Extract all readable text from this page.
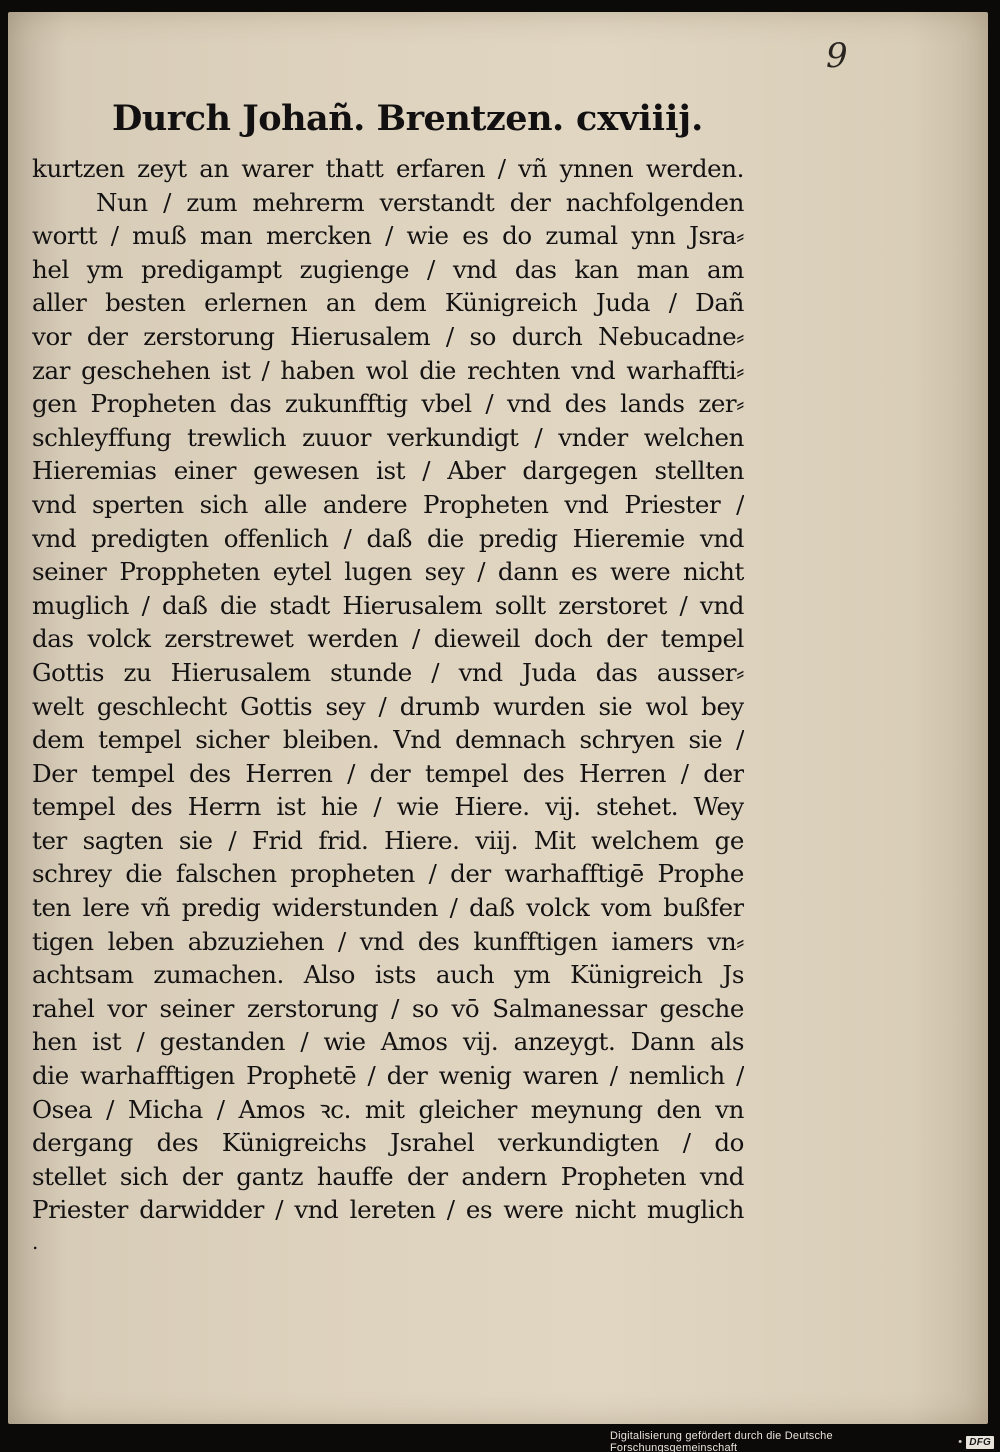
9
Durch Johañ. Brentzen. cxviiij.
kurtzen zeyt an warer thatt erfaren / vñ ynnen werden.
Nun / zum mehrerm verstandt der nachfolgenden
wortt / muß man mercken / wie es do zumal ynn Jsra⸗
hel ym predigampt zugienge / vnd das kan man am
aller besten erlernen an dem Künigreich Juda / Dañ
vor der zerstorung Hierusalem / so durch Nebucadne⸗
zar geschehen ist / haben wol die rechten vnd warhaffti⸗
gen Propheten das zukunfftig vbel / vnd des lands zer⸗
schleyffung trewlich zuuor verkundigt / vnder welchen
Hieremias einer gewesen ist / Aber dargegen stellten
vnd sperten sich alle andere Propheten vnd Priester /
vnd predigten offenlich / daß die predig Hieremie vnd
seiner Proppheten eytel lugen sey / dann es were nicht
muglich / daß die stadt Hierusalem sollt zerstoret / vnd
das volck zerstrewet werden / dieweil doch der tempel
Gottis zu Hierusalem stunde / vnd Juda das ausser⸗
welt geschlecht Gottis sey / drumb wurden sie wol bey
dem tempel sicher bleiben. Vnd demnach schryen sie /
Der tempel des Herren / der tempel des Herren / der
tempel des Herrn ist hie / wie Hiere. vij. stehet. Wey
ter sagten sie / Frid frid. Hiere. viij. Mit welchem ge
schrey die falschen propheten / der warhafftigē Prophe
ten lere vñ predig widerstunden / daß volck vom bußfer
tigen leben abzuziehen / vnd des kunfftigen iamers vn⸗
achtsam zumachen. Also ists auch ym Künigreich Js
rahel vor seiner zerstorung / so vō Salmanessar gesche
hen ist / gestanden / wie Amos vij. anzeygt. Dann als
die warhafftigen Prophetē / der wenig waren / nemlich /
Osea / Micha / Amos ꝛc. mit gleicher meynung den vn
dergang des Künigreichs Jsrahel verkundigten / do
stellet sich der gantz hauffe der andern Propheten vnd
Priester darwidder / vnd lereten / es were nicht muglich
.
Digitalisierung gefördert durch die Deutsche Forschungsgemeinschaft	• DFG
